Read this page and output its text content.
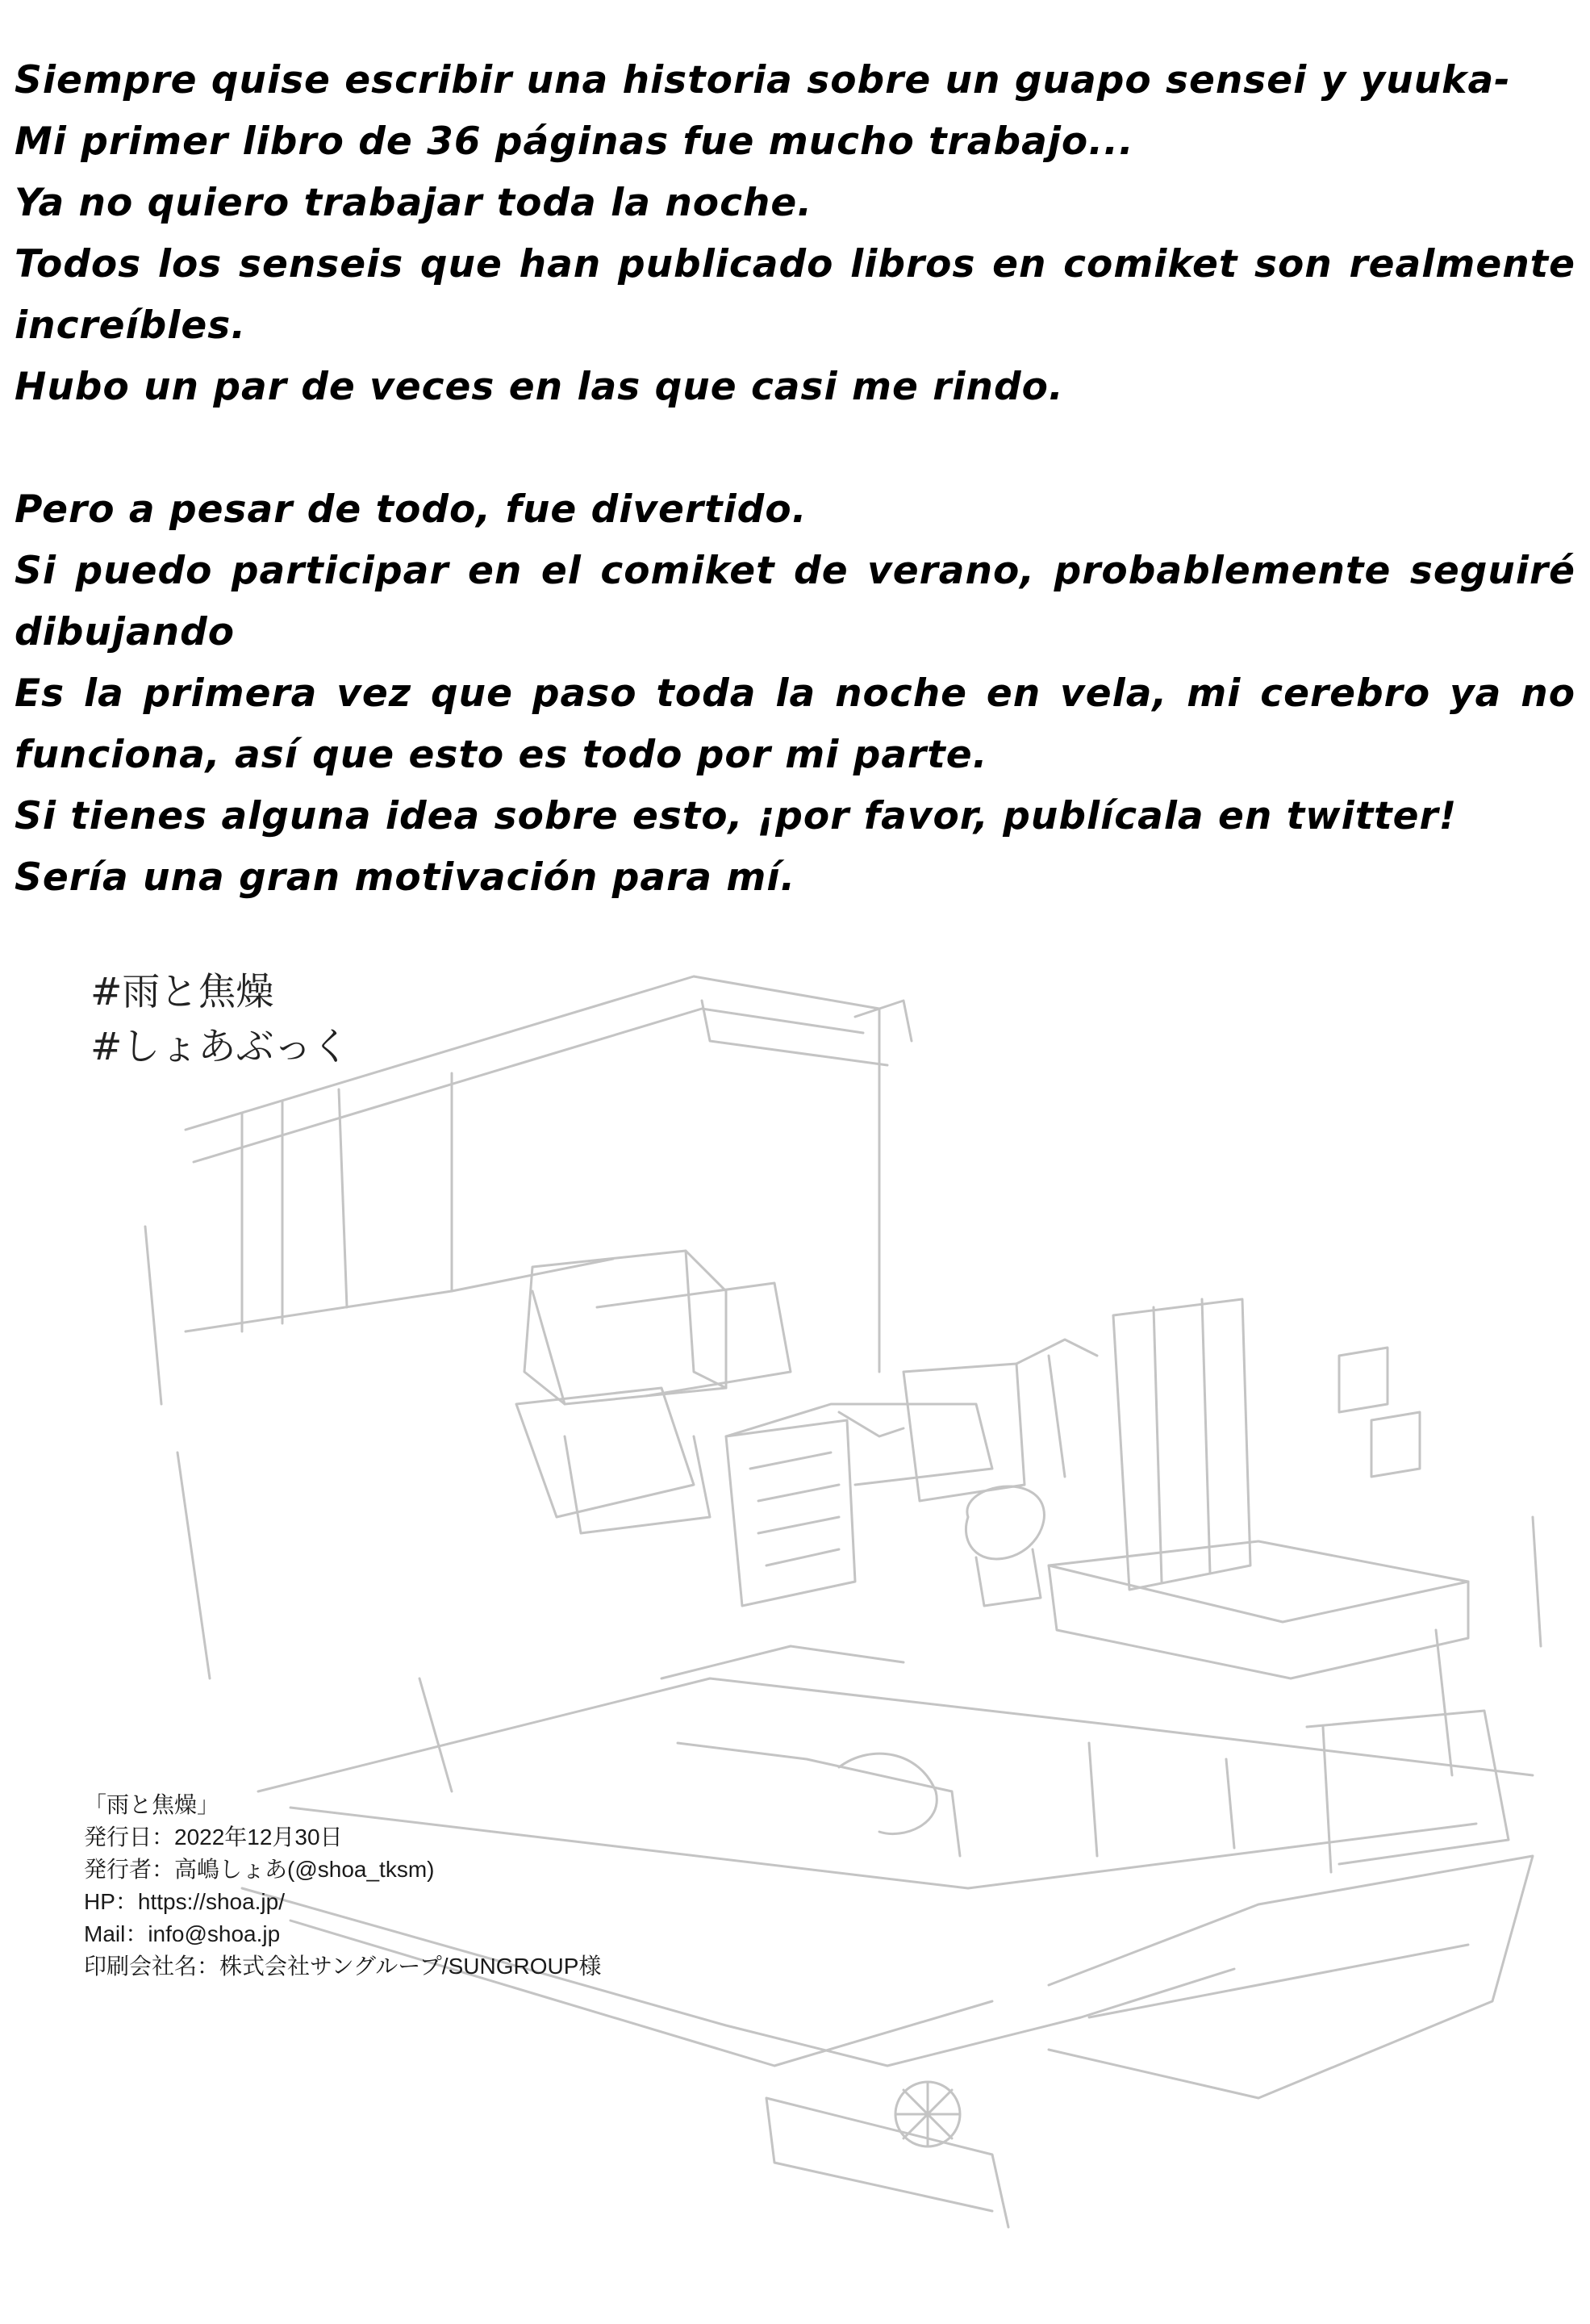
Siempre quise escribir una historia sobre un guapo sensei y yuuka-

Mi primer libro de 36 páginas fue mucho trabajo...

Ya no quiero trabajar toda la noche.

Todos los senseis que han publicado libros en comiket son realmente increíbles.

Hubo un par de veces en las que casi me rindo.

Pero a pesar de todo, fue divertido.

Si puedo participar en el comiket de verano, probablemente seguiré dibujando

Es la primera vez que paso toda la noche en vela, mi cerebro ya no funciona, así que esto es todo por mi parte.

Si tienes alguna idea sobre esto, ¡por favor, publícala en twitter!

Sería una gran motivación para mí.

#雨と焦燥
#しょあぶっく
「雨と焦燥」
発行日：2022年12月30日
発行者：高嶋しょあ(@shoa_tksm)
HP：https://shoa.jp/
Mail：info@shoa.jp
印刷会社名：株式会社サングループ/SUNGROUP様
